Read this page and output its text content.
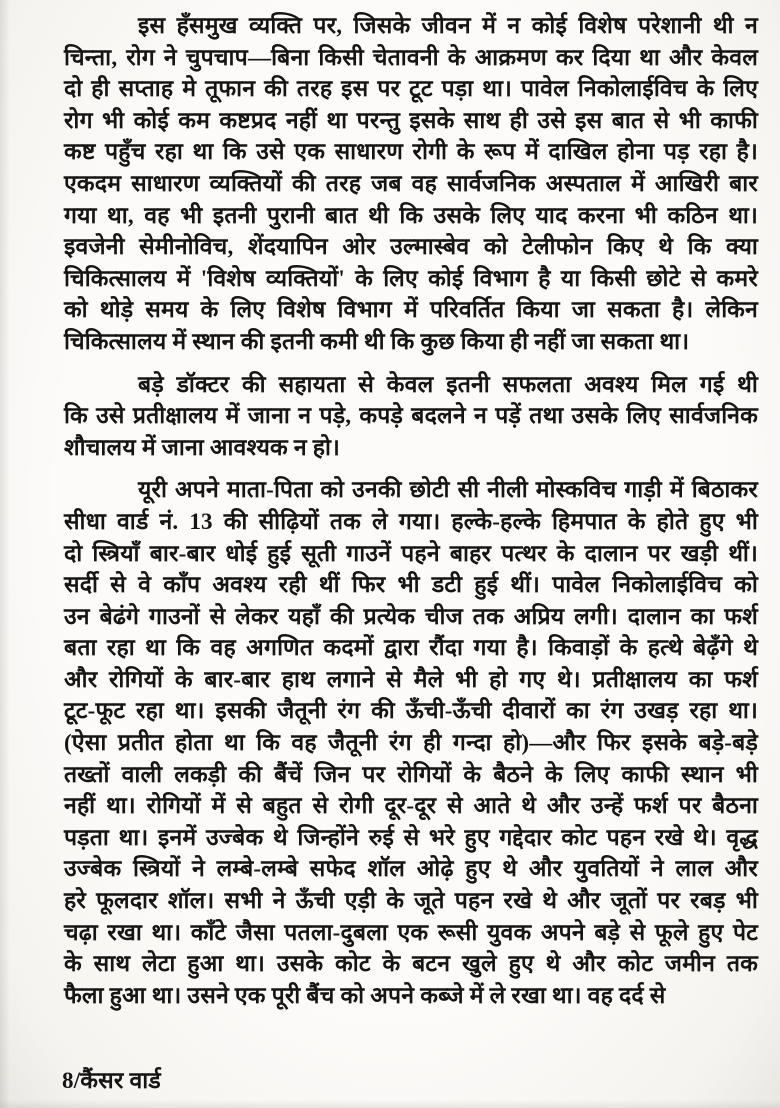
इस हँसमुख व्यक्ति पर, जिसके जीवन में न कोई विशेष परेशानी थी न
चिन्ता, रोग ने चुपचाप—बिना किसी चेतावनी के आक्रमण कर दिया था और केवल
दो ही सप्ताह मे तूफान की तरह इस पर टूट पड़ा था। पावेल निकोलाईविच के लिए
रोग भी कोई कम कष्टप्रद नहीं था परन्तु इसके साथ ही उसे इस बात से भी काफी
कष्ट पहुँच रहा था कि उसे एक साधारण रोगी के रूप में दाखिल होना पड़ रहा है।
एकदम साधारण व्यक्तियों की तरह जब वह सार्वजनिक अस्पताल में आखिरी बार
गया था, वह भी इतनी पुरानी बात थी कि उसके लिए याद करना भी कठिन था।
इवजेनी सेमीनोविच, शेंदयापिन ओर उल्मास्बेव को टेलीफोन किए थे कि क्या
चिकित्सालय में 'विशेष व्यक्तियों' के लिए कोई विभाग है या किसी छोटे से कमरे
को थोड़े समय के लिए विशेष विभाग में परिवर्तित किया जा सकता है। लेकिन
चिकित्सालय में स्थान की इतनी कमी थी कि कुछ किया ही नहीं जा सकता था।
बड़े डॉक्टर की सहायता से केवल इतनी सफलता अवश्य मिल गई थी
कि उसे प्रतीक्षालय में जाना न पड़े, कपड़े बदलने न पड़ें तथा उसके लिए सार्वजनिक
शौचालय में जाना आवश्यक न हो।
यूरी अपने माता-पिता को उनकी छोटी सी नीली मोस्कविच गाड़ी में बिठाकर
सीधा वार्ड नं. 13 की सीढ़ियों तक ले गया। हल्के-हल्के हिमपात के होते हुए भी
दो स्त्रियाँ बार-बार धोई हुई सूती गाउनें पहने बाहर पत्थर के दालान पर खड़ी थीं।
सर्दी से वे काँप अवश्य रही थीं फिर भी डटी हुई थीं। पावेल निकोलाईविच को
उन बेढंगे गाउनों से लेकर यहाँ की प्रत्येक चीज तक अप्रिय लगी। दालान का फर्श
बता रहा था कि वह अगणित कदमों द्वारा रौंदा गया है। किवाड़ों के हत्थे बेढ़ँगे थे
और रोगियों के बार-बार हाथ लगाने से मैले भी हो गए थे। प्रतीक्षालय का फर्श
टूट-फूट रहा था। इसकी जैतूनी रंग की ऊँची-ऊँची दीवारों का रंग उखड़ रहा था।
(ऐसा प्रतीत होता था कि वह जैतूनी रंग ही गन्दा हो)—और फिर इसके बड़े-बड़े
तख्तों वाली लकड़ी की बैंचें जिन पर रोगियों के बैठने के लिए काफी स्थान भी
नहीं था। रोगियों में से बहुत से रोगी दूर-दूर से आते थे और उन्हें फर्श पर बैठना
पड़ता था। इनमें उज्बेक थे जिन्होंने रुई से भरे हुए गद्देदार कोट पहन रखे थे। वृद्ध
उज्बेक स्त्रियों ने लम्बे-लम्बे सफेद शॉल ओढ़े हुए थे और युवतियों ने लाल और
हरे फूलदार शॉल। सभी ने ऊँची एड़ी के जूते पहन रखे थे और जूतों पर रबड़ भी
चढ़ा रखा था। काँटे जैसा पतला-दुबला एक रूसी युवक अपने बड़े से फूले हुए पेट
के साथ लेटा हुआ था। उसके कोट के बटन खुले हुए थे और कोट जमीन तक
फैला हुआ था। उसने एक पूरी बैंच को अपने कब्जे में ले रखा था। वह दर्द से
8/कैंसर वार्ड
